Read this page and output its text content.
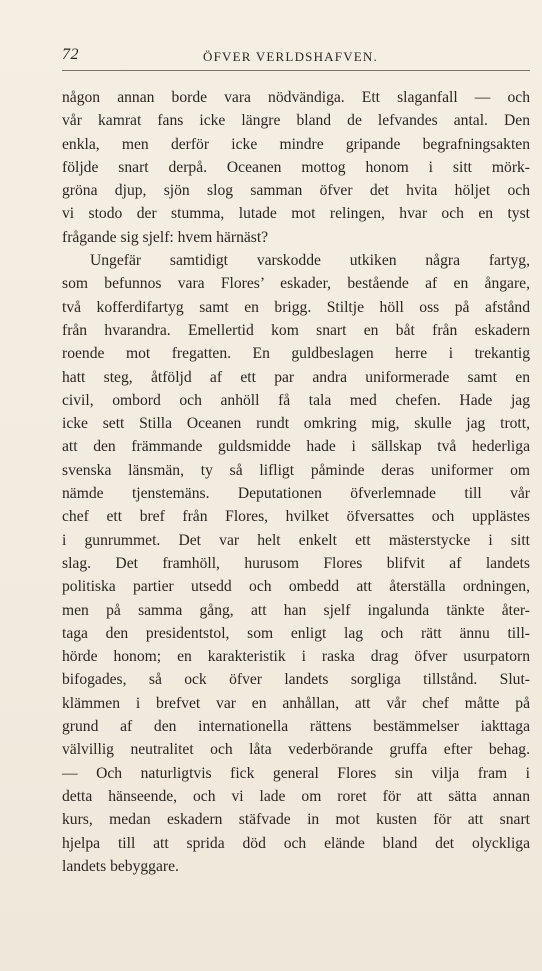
72	ÖFVER VERLDSHAFVEN.
någon annan borde vara nödvändiga. Ett slaganfall — och
vår kamrat fans icke längre bland de lefvandes antal. Den
enkla, men derför icke mindre gripande begrafningsakten
följde snart derpå. Oceanen mottog honom i sitt mörk-
gröna djup, sjön slog samman öfver det hvita höljet och
vi stodo der stumma, lutade mot relingen, hvar och en tyst
frågande sig sjelf: hvem härnäst?
Ungefär samtidigt varskodde utkiken några fartyg,
som befunnos vara Flores’ eskader, bestående af en ångare,
två kofferdifartyg samt en brigg. Stiltje höll oss på afstånd
från hvarandra. Emellertid kom snart en båt från eskadern
roende mot fregatten. En guldbeslagen herre i trekantig
hatt steg, åtföljd af ett par andra uniformerade samt en
civil, ombord och anhöll få tala med chefen. Hade jag
icke sett Stilla Oceanen rundt omkring mig, skulle jag trott,
att den främmande guldsmidde hade i sällskap två hederliga
svenska länsmän, ty så lifligt påminde deras uniformer om
nämde tjenstemäns. Deputationen öfverlemnade till vår
chef ett bref från Flores, hvilket öfversattes och upplästes
i gunrummet. Det var helt enkelt ett mästerstycke i sitt
slag. Det framhöll, hurusom Flores blifvit af landets
politiska partier utsedd och ombedd att återställa ordningen,
men på samma gång, att han sjelf ingalunda tänkte åter-
taga den presidentstol, som enligt lag och rätt ännu till-
hörde honom; en karakteristik i raska drag öfver usurpatorn
bifogades, så ock öfver landets sorgliga tillstånd. Slut-
klämmen i brefvet var en anhållan, att vår chef måtte på
grund af den internationella rättens bestämmelser iakttaga
välvillig neutralitet och låta vederbörande gruffa efter behag.
— Och naturligtvis fick general Flores sin vilja fram i
detta hänseende, och vi lade om roret för att sätta annan
kurs, medan eskadern stäfvade in mot kusten för att snart
hjelpa till att sprida död och elände bland det olyckliga
landets bebyggare.
